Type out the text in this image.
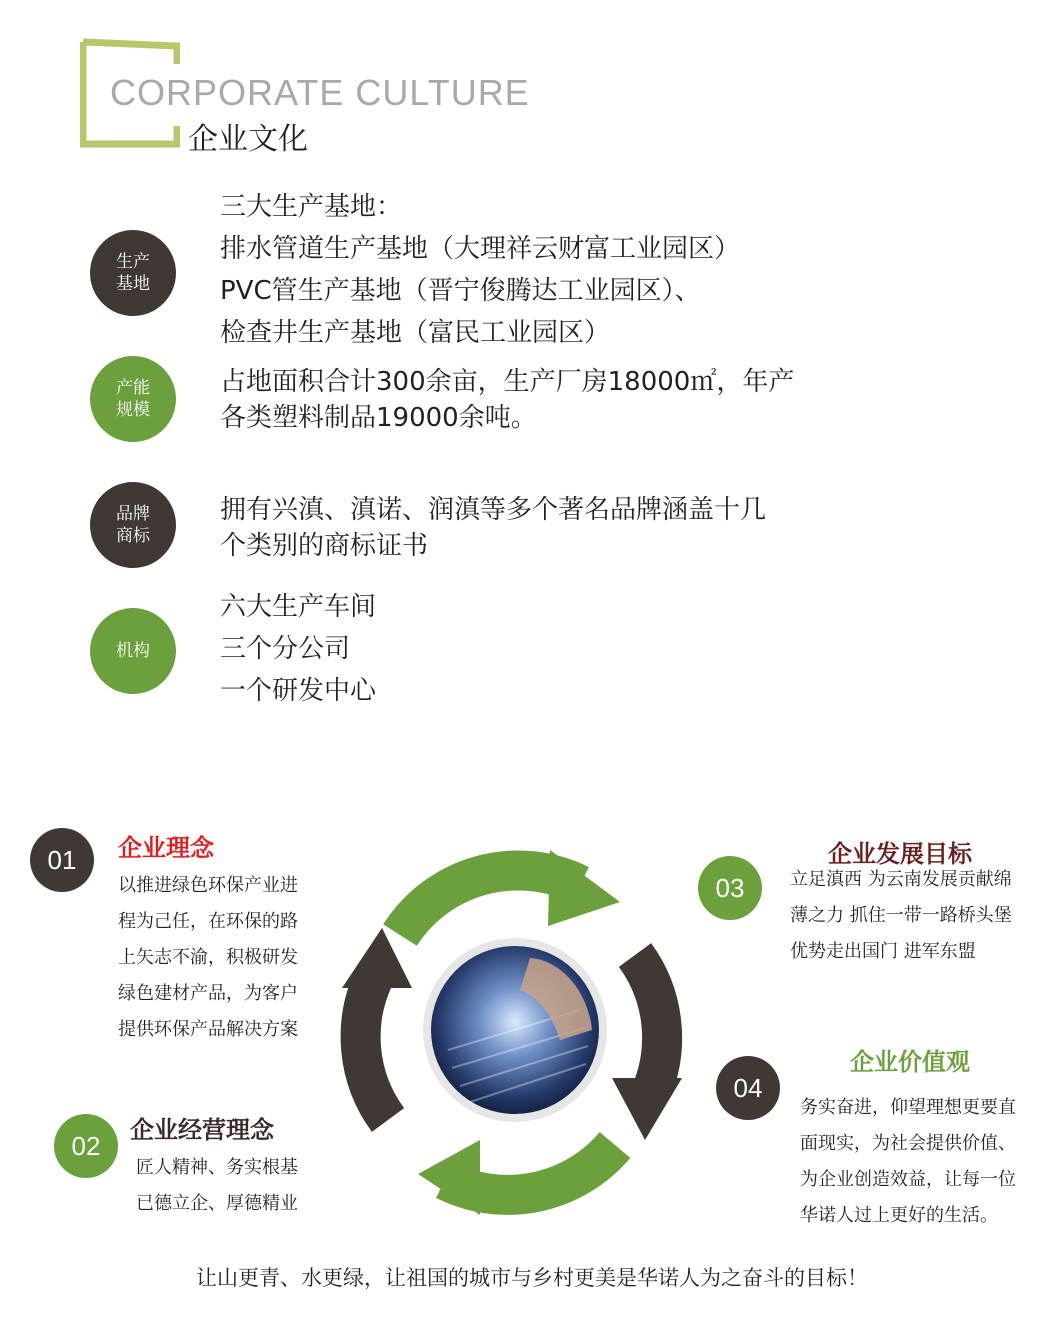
CORPORATE CULTURE
企业文化
生产
基地
三大生产基地：
排水管道生产基地（大理祥云财富工业园区）
PVC管生产基地（晋宁俊腾达工业园区）、
检查井生产基地（富民工业园区）
产能
规模
占地面积合计300余亩，生产厂房18000㎡，年产
各类塑料制品19000余吨。
品牌
商标
拥有兴滇、滇诺、润滇等多个著名品牌涵盖十几
个类别的商标证书
机构
六大生产车间
三个分公司
一个研发中心
01	企业理念
以推进绿色环保产业进
程为己任，在环保的路
上矢志不渝，积极研发
绿色建材产品，为客户
提供环保产品解决方案
02
企业经营理念
匠人精神、务实根基
已德立企、厚德精业
03
企业发展目标
立足滇西 为云南发展贡献绵
薄之力 抓住一带一路桥头堡
优势走出国门 进军东盟
04
企业价值观
务实奋进，仰望理想更要直
面现实，为社会提供价值、
为企业创造效益，让每一位
华诺人过上更好的生活。
让山更青、水更绿，让祖国的城市与乡村更美是华诺人为之奋斗的目标！
